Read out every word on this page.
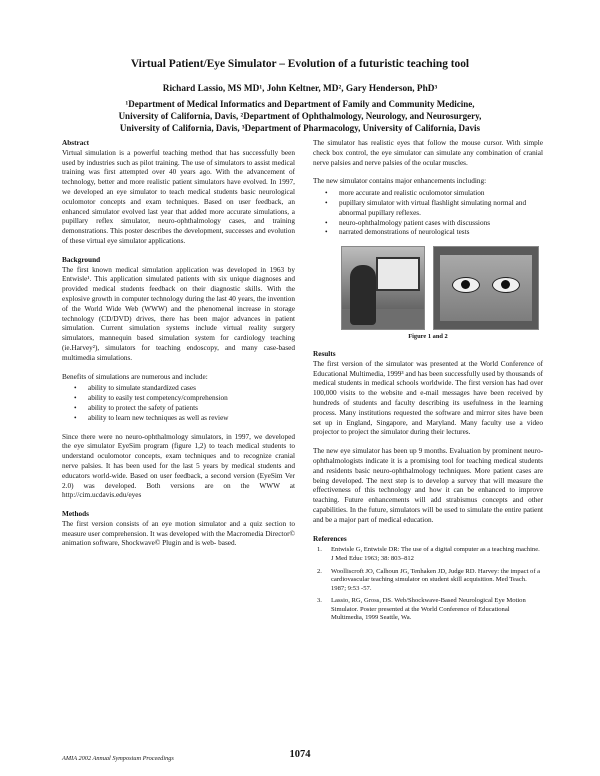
Virtual Patient/Eye Simulator – Evolution of a futuristic teaching tool
Richard Lassio, MS MD¹, John Keltner, MD², Gary Henderson, PhD³
¹Department of Medical Informatics and Department of Family and Community Medicine,
University of California, Davis, ²Department of Ophthalmology, Neurology, and Neurosurgery,
University of California, Davis, ³Department of Pharmacology, University of California, Davis
Abstract

Virtual simulation is a powerful teaching method that has successfully been used by industries such as pilot training. The use of simulators to assist medical training was first attempted over 40 years ago. With the advancement of technology, better and more realistic patient simulators have evolved. In 1997, we developed an eye simulator to teach medical students basic neurological oculomotor concepts and exam techniques. Based on user feedback, an enhanced simulator evolved last year that added more accurate simulations, a pupillary reflex simulator, neuro-ophthalmology cases, and training demonstrations. This poster describes the development, successes and evolution of these virtual eye simulator applications.

Background

The first known medical simulation application was developed in 1963 by Entwisle¹. This application simulated patients with six unique diagnoses and provided medical students feedback on their diagnostic skills. With the explosive growth in computer technology during the last 40 years, the invention of the World Wide Web (WWW) and the phenomenal increase in storage technology (CD/DVD) drives, there has been major advances in patient simulation. Current simulation systems include virtual reality surgery simulators, mannequin based simulation system for cardiology teaching (ie.Harvey²), simulators for teaching endoscopy, and many case-based multimedia simulations.

Benefits of simulations are numerous and include:

• ability to simulate standardized cases
• ability to easily test competency/comprehension
• ability to protect the safety of patients
• ability to learn new techniques as well as review

Since there were no neuro-ophthalmology simulators, in 1997, we developed the eye simulator EyeSim program (figure 1,2) to teach medical students to understand oculomotor concepts, exam techniques and to recognize cranial nerve palsies. It has been used for the last 5 years by medical students and educators world-wide. Based on user feedback, a second version (EyeSim Ver 2.0) was developed. Both versions are on the WWW at http://cim.ucdavis.edu/eyes

Methods

The first version consists of an eye motion simulator and a quiz section to measure user comprehension. It was developed with the Macromedia Director© animation software, Shockwave© Plugin and is web- based.

The simulator has realistic eyes that follow the mouse cursor. With simple check box control, the eye simulator can simulate any combination of cranial nerve palsies and nerve palsies of the ocular muscles.

The new simulator contains major enhancements including:

• more accurate and realistic oculomotor simulation
• pupillary simulator with virtual flashlight simulating normal and abnormal pupillary reflexes.
• neuro-ophthalmology patient cases with discussions
• narrated demonstrations of neurological tests
Figure 1 and 2
Results

The first version of the simulator was presented at the World Conference of Educational Multimedia, 1999³ and has been successfully used by thousands of medical students in medical schools worldwide. The first version has had over 100,000 visits to the website and e-mail messages have been received by hundreds of students and faculty describing its usefulness in the learning process. Many institutions requested the software and mirror sites have been set up in England, Singapore, and Maryland. Many faculty use a video projector to project the simulator during their lectures.

The new eye simulator has been up 9 months. Evaluation by prominent neuro-ophthalmologists indicate it is a promising tool for teaching medical students and residents basic neuro-ophthalmology techniques. More patient cases are being developed. The next step is to develop a survey that will measure the effectiveness of this technology and how it can be enhanced to improve teaching. Future enhancements will add strabismus concepts and other capabilities. In the future, simulators will be used to simulate the entire patient and be a major part of medical education.

References
1. Entwisle G, Entwisle DR: The use of a digital computer as a teaching machine. J Med Educ 1963; 38: 803–812
2. Woolliscroft JO, Calhoun JG, Tenhaken JD, Judge RD. Harvey: the impact of a cardiovascular teaching simulator on student skill acquisition. Med Teach. 1987; 9:53 -57.
3. Lassio, RG, Gross, DS. Web/Shockwave-Based Neurological Eye Motion Simulator. Poster presented at the World Conference of Educational Multimedia, 1999 Seattle, Wa.
AMIA 2002 Annual Symposium Proceedings	1074
